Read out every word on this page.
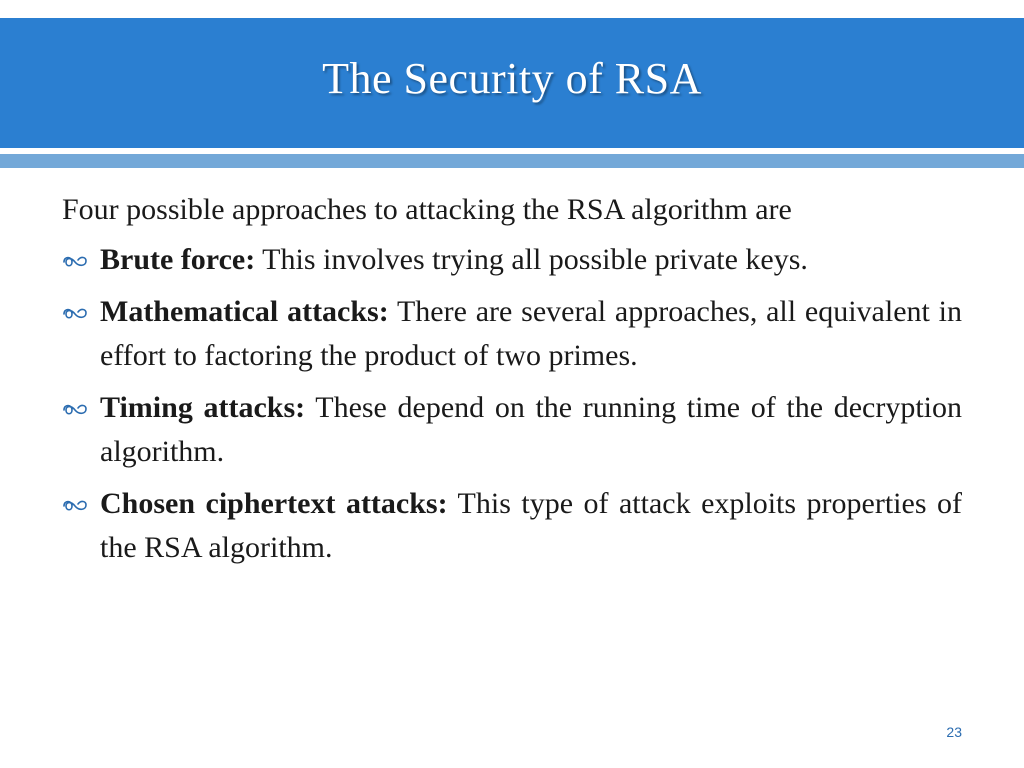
The Security of RSA

Four possible approaches to attacking the RSA algorithm are

Brute force: This involves trying all possible private keys.
Mathematical attacks: There are several approaches, all equivalent in effort to factoring the product of two primes.
Timing attacks: These depend on the running time of the decryption algorithm.
Chosen ciphertext attacks: This type of attack exploits properties of the RSA algorithm.
23
